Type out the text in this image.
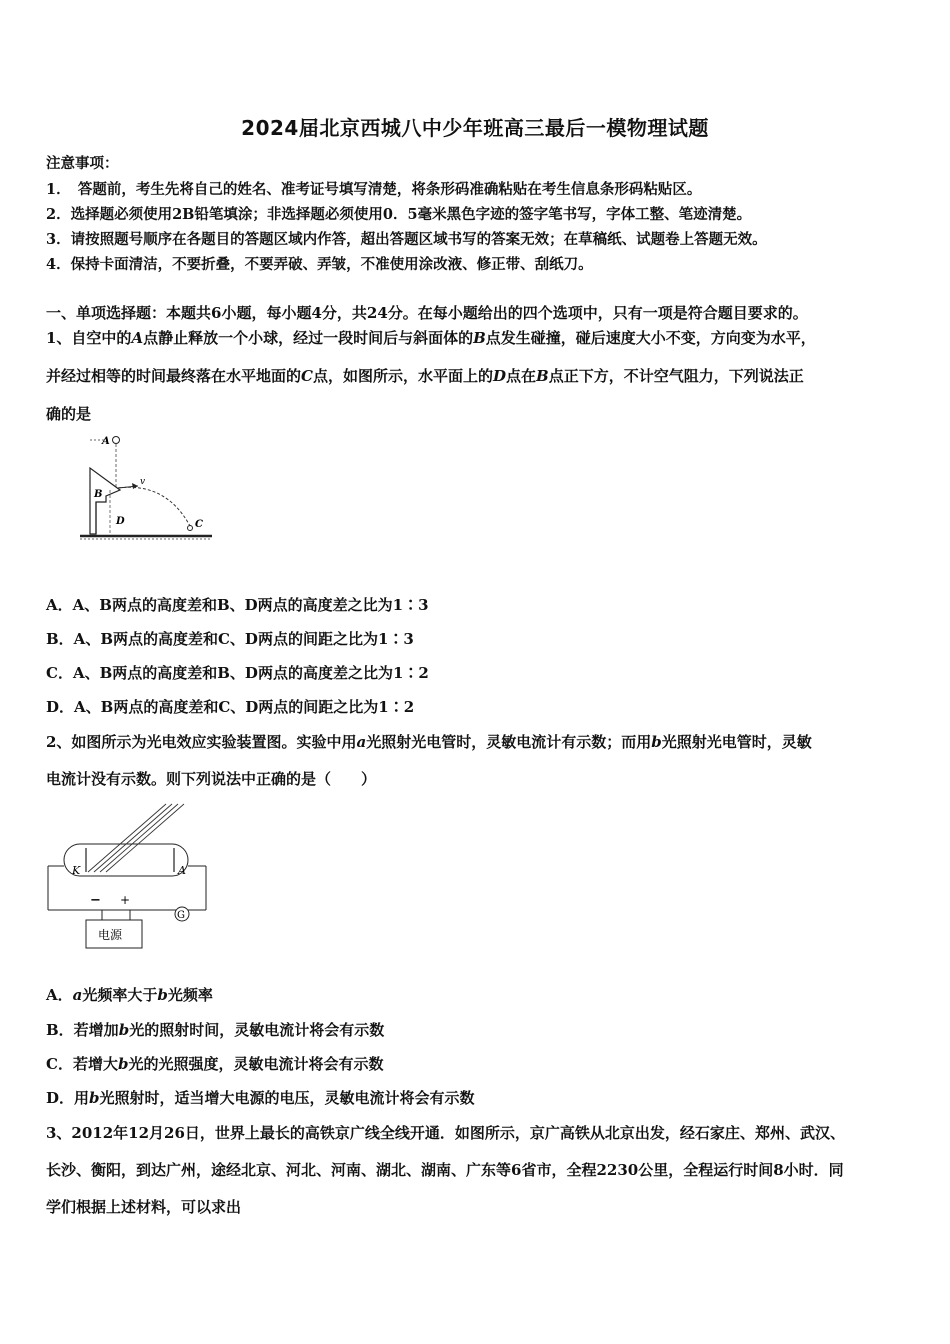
2024届北京西城八中少年班高三最后一模物理试题
注意事项：
1．　答题前，考生先将自己的姓名、准考证号填写清楚，将条形码准确粘贴在考生信息条形码粘贴区。
2．选择题必须使用2B铅笔填涂；非选择题必须使用0．5毫米黑色字迹的签字笔书写，字体工整、笔迹清楚。
3．请按照题号顺序在各题目的答题区域内作答，超出答题区域书写的答案无效；在草稿纸、试题卷上答题无效。
4．保持卡面清洁，不要折叠，不要弄破、弄皱，不准使用涂改液、修正带、刮纸刀。
一、单项选择题：本题共6小题，每小题4分，共24分。在每小题给出的四个选项中，只有一项是符合题目要求的。
1、自空中的A点静止释放一个小球，经过一段时间后与斜面体的B点发生碰撞，碰后速度大小不变，方向变为水平，
并经过相等的时间最终落在水平地面的C点，如图所示，水平面上的D点在B点正下方，不计空气阻力，下列说法正
确的是
A
B
D
v
C
A．A、B两点的高度差和B、D两点的高度差之比为1∶3
B．A、B两点的高度差和C、D两点的间距之比为1∶3
C．A、B两点的高度差和B、D两点的高度差之比为1∶2
D．A、B两点的高度差和C、D两点的间距之比为1∶2
2、如图所示为光电效应实验装置图。实验中用a光照射光电管时，灵敏电流计有示数；而用b光照射光电管时，灵敏
电流计没有示数。则下列说法中正确的是（　　）
K	A
− +
电源
G
A．a光频率大于b光频率
B．若增加b光的照射时间，灵敏电流计将会有示数
C．若增大b光的光照强度，灵敏电流计将会有示数
D．用b光照射时，适当增大电源的电压，灵敏电流计将会有示数
3、2012年12月26日，世界上最长的高铁京广线全线开通．如图所示，京广高铁从北京出发，经石家庄、郑州、武汉、
长沙、衡阳，到达广州，途经北京、河北、河南、湖北、湖南、广东等6省市，全程2230公里，全程运行时间8小时．同
学们根据上述材料，可以求出
